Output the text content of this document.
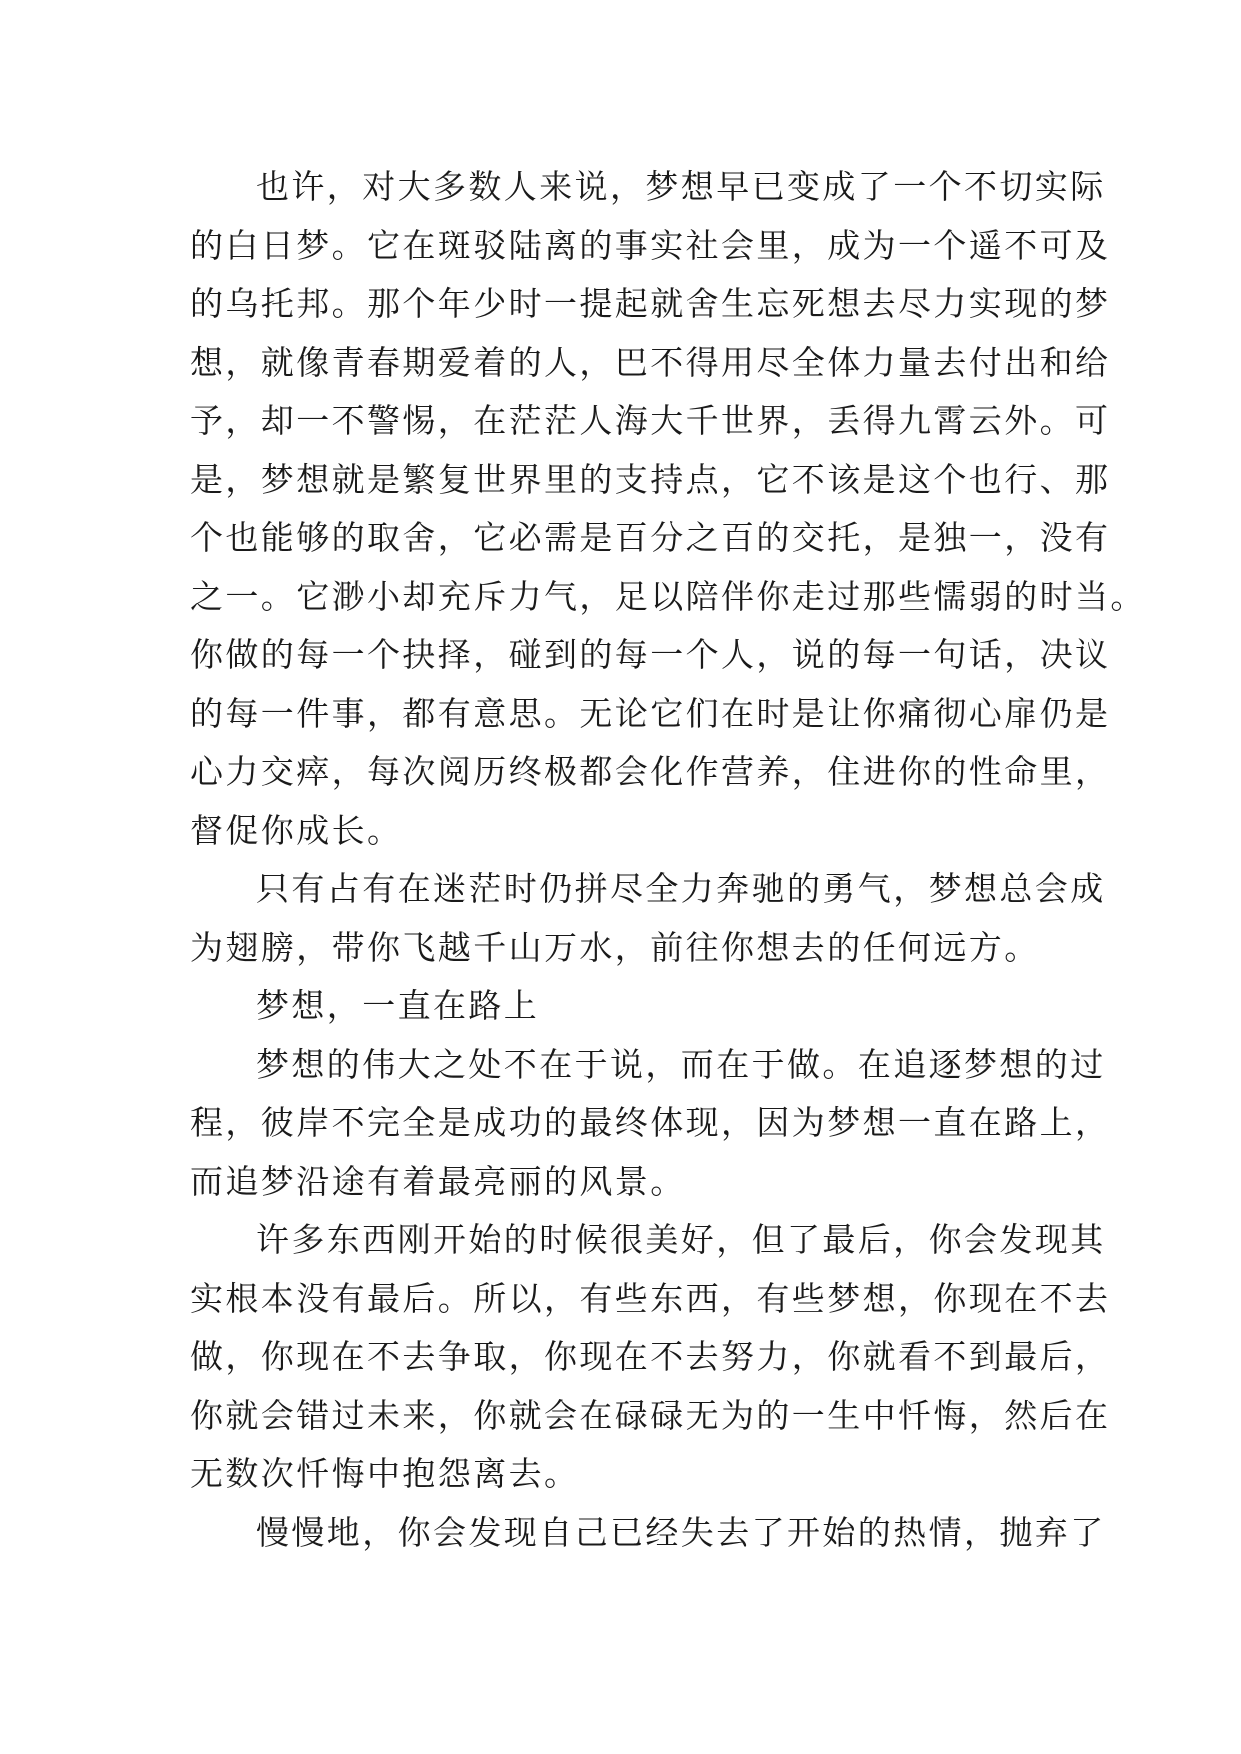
也许，对大多数人来说，梦想早已变成了一个不切实际
的白日梦。它在斑驳陆离的事实社会里，成为一个遥不可及
的乌托邦。那个年少时一提起就舍生忘死想去尽力实现的梦
想，就像青春期爱着的人，巴不得用尽全体力量去付出和给
予，却一不警惕，在茫茫人海大千世界，丢得九霄云外。可
是，梦想就是繁复世界里的支持点，它不该是这个也行、那
个也能够的取舍，它必需是百分之百的交托，是独一，没有
之一。它渺小却充斥力气，足以陪伴你走过那些懦弱的时当。
你做的每一个抉择，碰到的每一个人，说的每一句话，决议
的每一件事，都有意思。无论它们在时是让你痛彻心扉仍是
心力交瘁，每次阅历终极都会化作营养，住进你的性命里，
督促你成长。
只有占有在迷茫时仍拼尽全力奔驰的勇气，梦想总会成
为翅膀，带你飞越千山万水，前往你想去的任何远方。
梦想，一直在路上
梦想的伟大之处不在于说，而在于做。在追逐梦想的过
程，彼岸不完全是成功的最终体现，因为梦想一直在路上，
而追梦沿途有着最亮丽的风景。
许多东西刚开始的时候很美好，但了最后，你会发现其
实根本没有最后。所以，有些东西，有些梦想，你现在不去
做，你现在不去争取，你现在不去努力，你就看不到最后，
你就会错过未来，你就会在碌碌无为的一生中忏悔，然后在
无数次忏悔中抱怨离去。
慢慢地，你会发现自己已经失去了开始的热情，抛弃了
